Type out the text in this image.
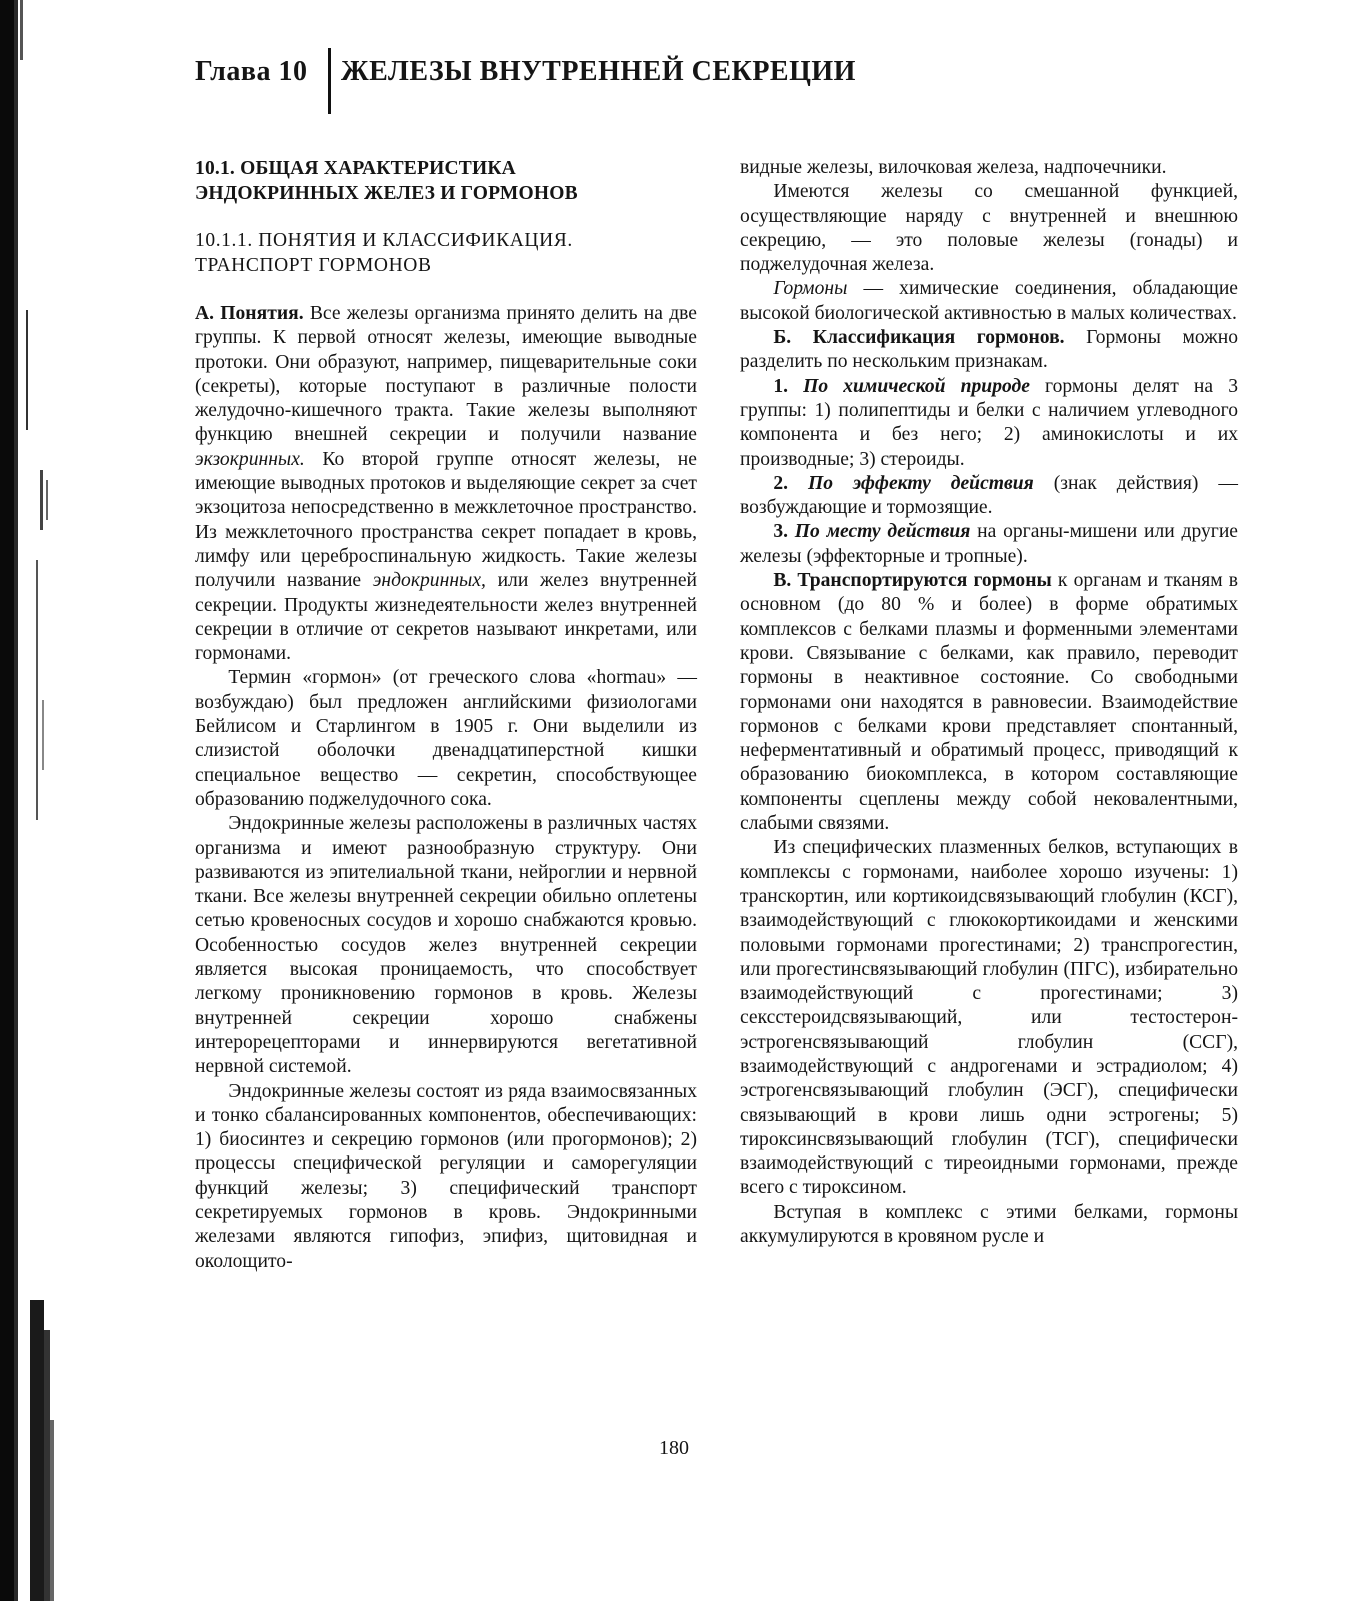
Глава 10 ЖЕЛЕЗЫ ВНУТРЕННЕЙ СЕКРЕЦИИ
10.1. ОБЩАЯ ХАРАКТЕРИСТИКА
ЭНДОКРИННЫХ ЖЕЛЕЗ И ГОРМОНОВ
10.1.1. ПОНЯТИЯ И КЛАССИФИКАЦИЯ.
ТРАНСПОРТ ГОРМОНОВ

А. Понятия. Все железы организма принято делить на две группы. К первой относят железы, имеющие выводные протоки. Они образуют, например, пищеварительные соки (секреты), которые поступают в различные полости желудочно-кишечного тракта. Такие железы выполняют функцию внешней секреции и получили название экзокринных. Ко второй группе относят железы, не имеющие выводных протоков и выделяющие секрет за счет экзоцитоза непосредственно в межклеточное пространство. Из межклеточного пространства секрет попадает в кровь, лимфу или цереброспинальную жидкость. Такие железы получили название эндокринных, или желез внутренней секреции. Продукты жизнедеятельности желез внутренней секреции в отличие от секретов называют инкретами, или гормонами.

Термин «гормон» (от греческого слова «hormau» — возбуждаю) был предложен английскими физиологами Бейлисом и Старлингом в 1905 г. Они выделили из слизистой оболочки двенадцатиперстной кишки специальное вещество — секретин, способствующее образованию поджелудочного сока.

Эндокринные железы расположены в различных частях организма и имеют разнообразную структуру. Они развиваются из эпителиальной ткани, нейроглии и нервной ткани. Все железы внутренней секреции обильно оплетены сетью кровеносных сосудов и хорошо снабжаются кровью. Особенностью сосудов желез внутренней секреции является высокая проницаемость, что способствует легкому проникновению гормонов в кровь. Железы внутренней секреции хорошо снабжены интерорецепторами и иннервируются вегетативной нервной системой.

Эндокринные железы состоят из ряда взаимосвязанных и тонко сбалансированных компонентов, обеспечивающих: 1) биосинтез и секрецию гормонов (или прогормонов); 2) процессы специфической регуляции и саморегуляции функций железы; 3) специфический транспорт секретируемых гормонов в кровь. Эндокринными железами являются гипофиз, эпифиз, щитовидная и околощито-

видные железы, вилочковая железа, надпочечники.

Имеются железы со смешанной функцией, осуществляющие наряду с внутренней и внешнюю секрецию, — это половые железы (гонады) и поджелудочная железа.

Гормоны — химические соединения, обладающие высокой биологической активностью в малых количествах.

Б. Классификация гормонов. Гормоны можно разделить по нескольким признакам.

1. По химической природе гормоны делят на 3 группы: 1) полипептиды и белки с наличием углеводного компонента и без него; 2) аминокислоты и их производные; 3) стероиды.

2. По эффекту действия (знак действия) — возбуждающие и тормозящие.

3. По месту действия на органы-мишени или другие железы (эффекторные и тропные).

В. Транспортируются гормоны к органам и тканям в основном (до 80 % и более) в форме обратимых комплексов с белками плазмы и форменными элементами крови. Связывание с белками, как правило, переводит гормоны в неактивное состояние. Со свободными гормонами они находятся в равновесии. Взаимодействие гормонов с белками крови представляет спонтанный, неферментативный и обратимый процесс, приводящий к образованию биокомплекса, в котором составляющие компоненты сцеплены между собой нековалентными, слабыми связями.

Из специфических плазменных белков, вступающих в комплексы с гормонами, наиболее хорошо изучены: 1) транскортин, или кортикоидсвязывающий глобулин (КСГ), взаимодействующий с глюкокортикоидами и женскими половыми гормонами прогестинами; 2) транспрогестин, или прогестинсвязывающий глобулин (ПГС), избирательно взаимодействующий с прогестинами; 3) сексстероидсвязывающий, или тестостерон-эстрогенсвязывающий глобулин (ССГ), взаимодействующий с андрогенами и эстрадиолом; 4) эстрогенсвязывающий глобулин (ЭСГ), специфически связывающий в крови лишь одни эстрогены; 5) тироксинсвязывающий глобулин (ТСГ), специфически взаимодействующий с тиреоидными гормонами, прежде всего с тироксином.

Вступая в комплекс с этими белками, гормоны аккумулируются в кровяном русле и

180
